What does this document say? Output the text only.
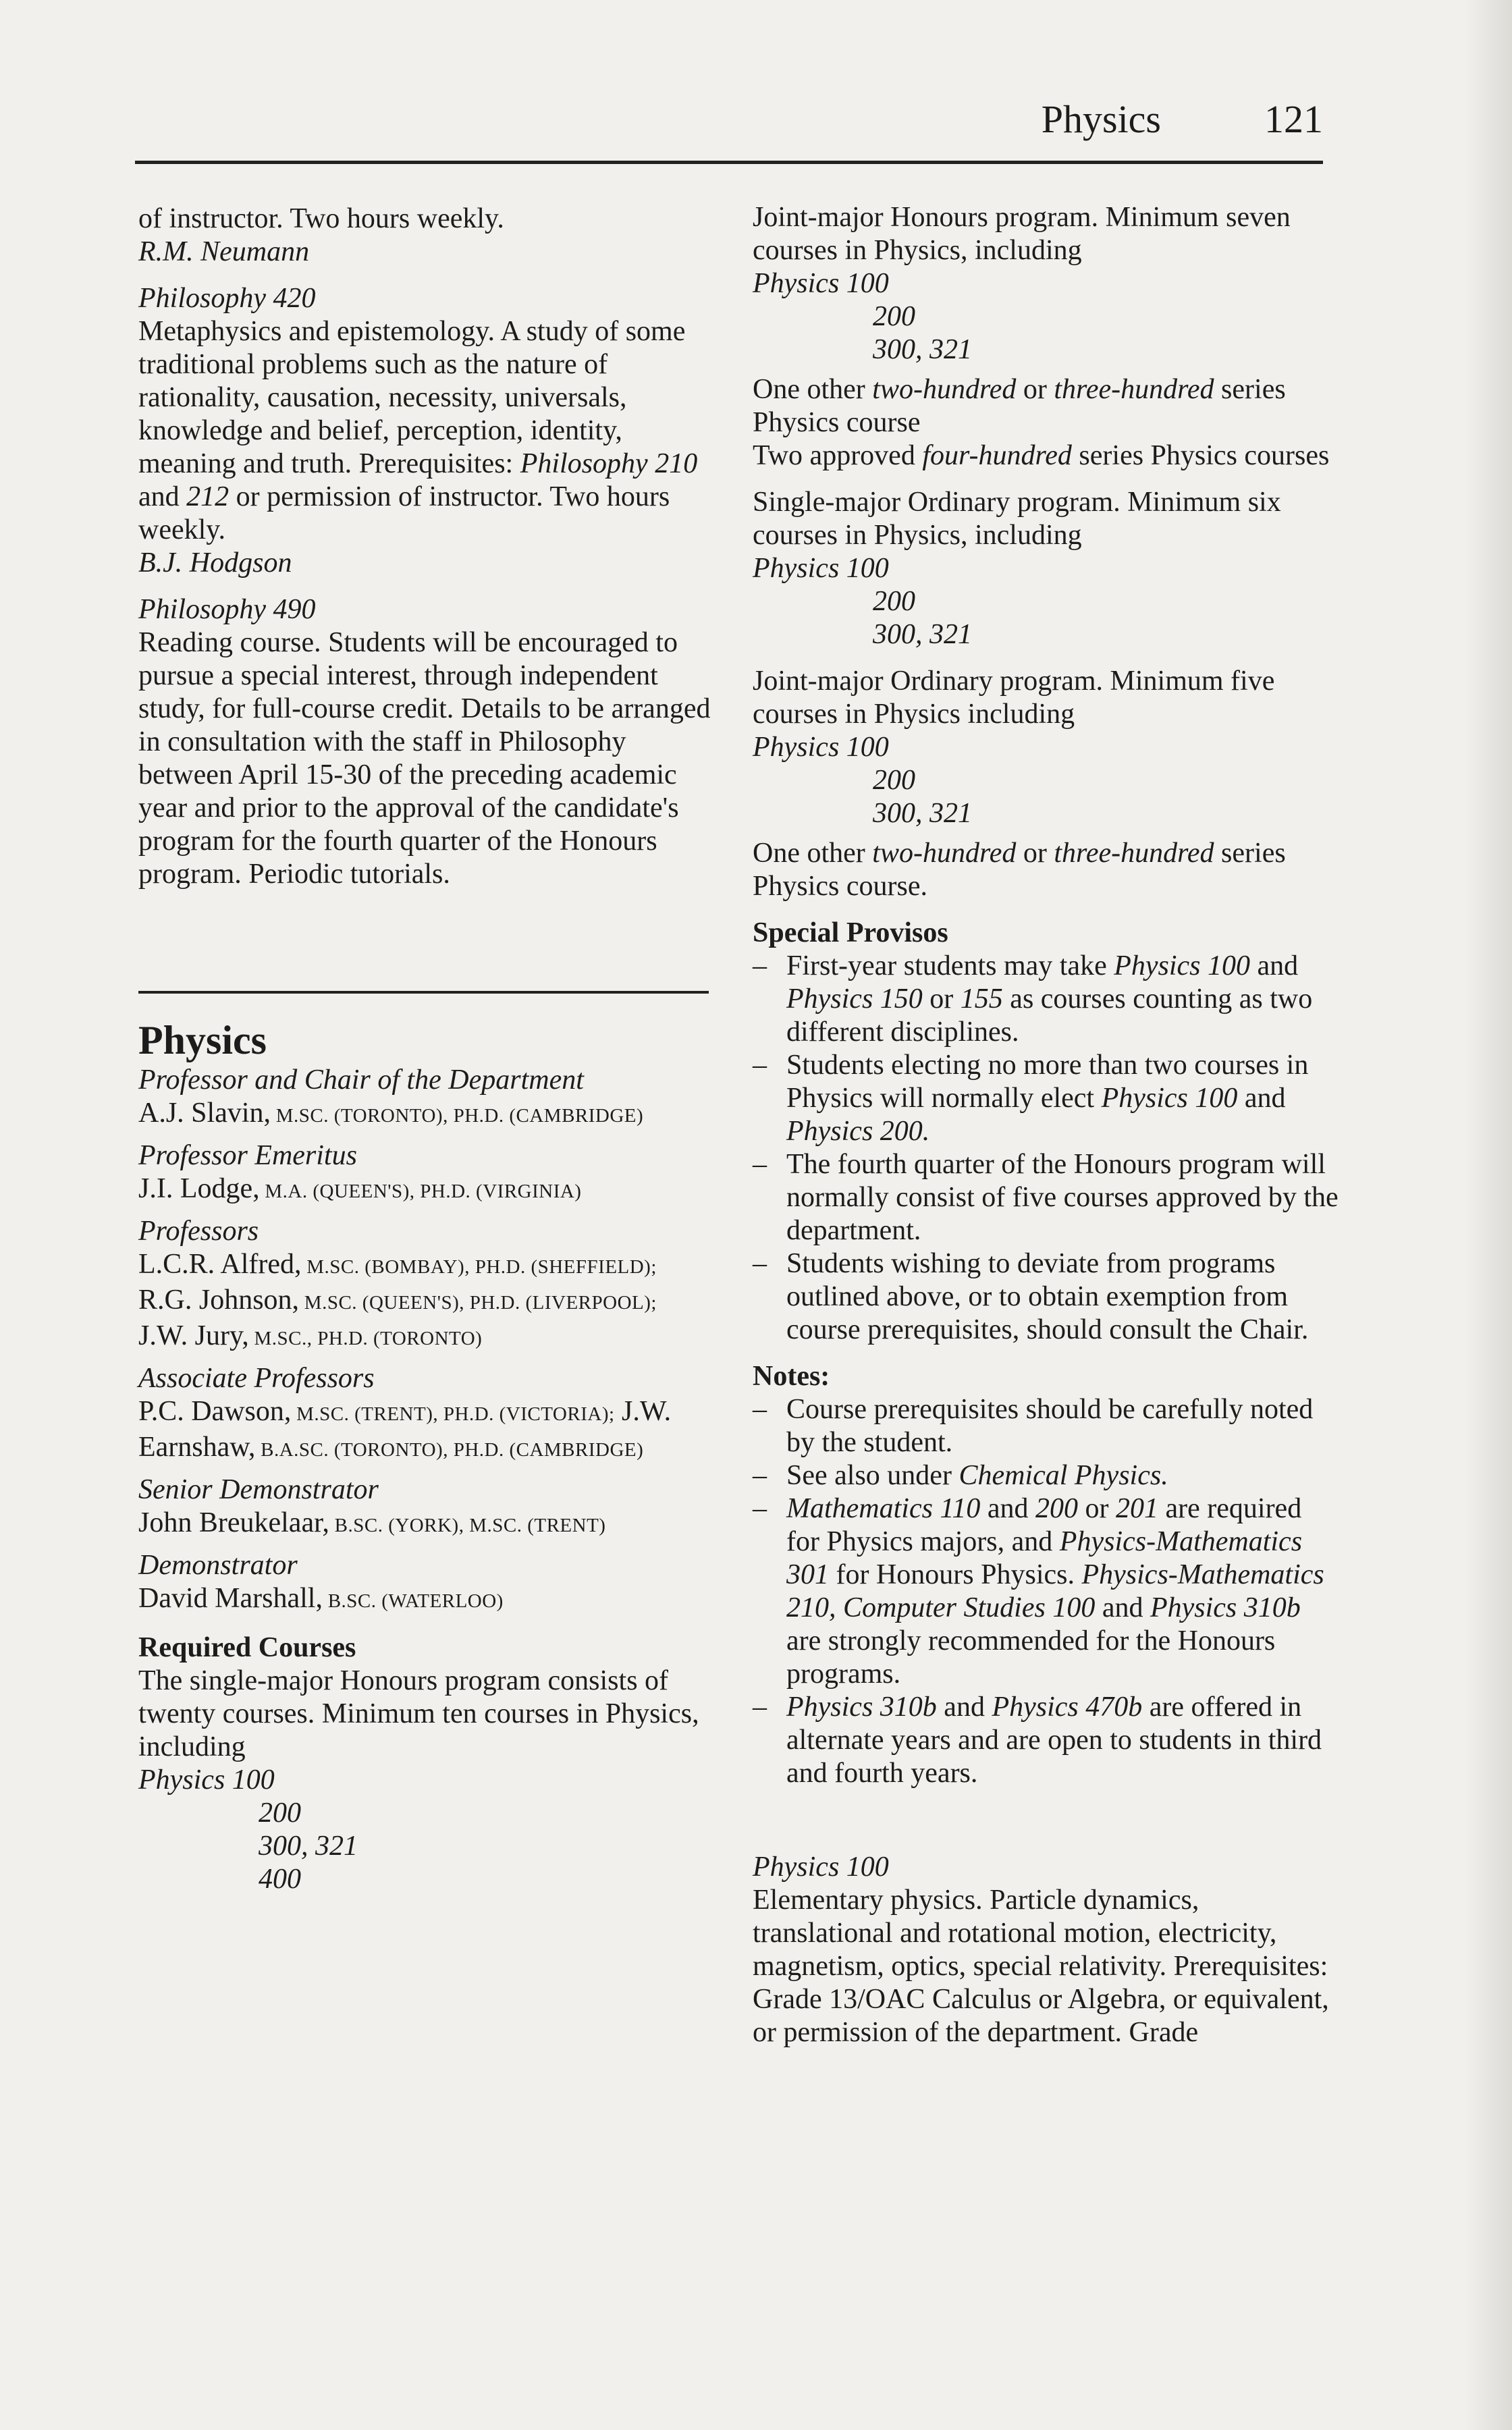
Physics	121

of instructor. Two hours weekly.

R.M. Neumann

Philosophy 420

Metaphysics and epistemology. A study of some traditional problems such as the nature of rationality, causation, necessity, universals, knowledge and belief, perception, identity, meaning and truth. Prerequisites: Philosophy 210 and 212 or permission of instructor. Two hours weekly.

B.J. Hodgson

Philosophy 490

Reading course. Students will be encouraged to pursue a special interest, through independent study, for full-course credit. Details to be arranged in consultation with the staff in Philosophy between April 15-30 of the preceding academic year and prior to the approval of the candidate's program for the fourth quarter of the Honours program. Periodic tutorials.

Physics

Professor and Chair of the Department

A.J. Slavin, M.SC. (TORONTO), PH.D. (CAMBRIDGE)

Professor Emeritus

J.I. Lodge, M.A. (QUEEN'S), PH.D. (VIRGINIA)

Professors

L.C.R. Alfred, M.SC. (BOMBAY), PH.D. (SHEFFIELD); R.G. Johnson, M.SC. (QUEEN'S), PH.D. (LIVERPOOL); J.W. Jury, M.SC., PH.D. (TORONTO)

Associate Professors

P.C. Dawson, M.SC. (TRENT), PH.D. (VICTORIA); J.W. Earnshaw, B.A.SC. (TORONTO), PH.D. (CAMBRIDGE)

Senior Demonstrator

John Breukelaar, B.SC. (YORK), M.SC. (TRENT)

Demonstrator

David Marshall, B.SC. (WATERLOO)

Required Courses

The single-major Honours program consists of twenty courses. Minimum ten courses in Physics, including

Physics 100

200

300, 321

400

Joint-major Honours program. Minimum seven courses in Physics, including

Physics 100

200

300, 321

One other two-hundred or three-hundred series Physics course

Two approved four-hundred series Physics courses

Single-major Ordinary program. Minimum six courses in Physics, including

Physics 100

200

300, 321

Joint-major Ordinary program. Minimum five courses in Physics including

Physics 100

200

300, 321

One other two-hundred or three-hundred series Physics course.

Special Provisos

– First-year students may take Physics 100 and Physics 150 or 155 as courses counting as two different disciplines.

– Students electing no more than two courses in Physics will normally elect Physics 100 and Physics 200.

– The fourth quarter of the Honours program will normally consist of five courses approved by the department.

– Students wishing to deviate from programs outlined above, or to obtain exemption from course prerequisites, should consult the Chair.

Notes:

– Course prerequisites should be carefully noted by the student.

– See also under Chemical Physics.

– Mathematics 110 and 200 or 201 are required for Physics majors, and Physics-Mathematics 301 for Honours Physics. Physics-Mathematics 210, Computer Studies 100 and Physics 310b are strongly recommended for the Honours programs.

– Physics 310b and Physics 470b are offered in alternate years and are open to students in third and fourth years.

Physics 100

Elementary physics. Particle dynamics, translational and rotational motion, electricity, magnetism, optics, special relativity. Prerequisites: Grade 13/OAC Calculus or Algebra, or equivalent, or permission of the department. Grade
